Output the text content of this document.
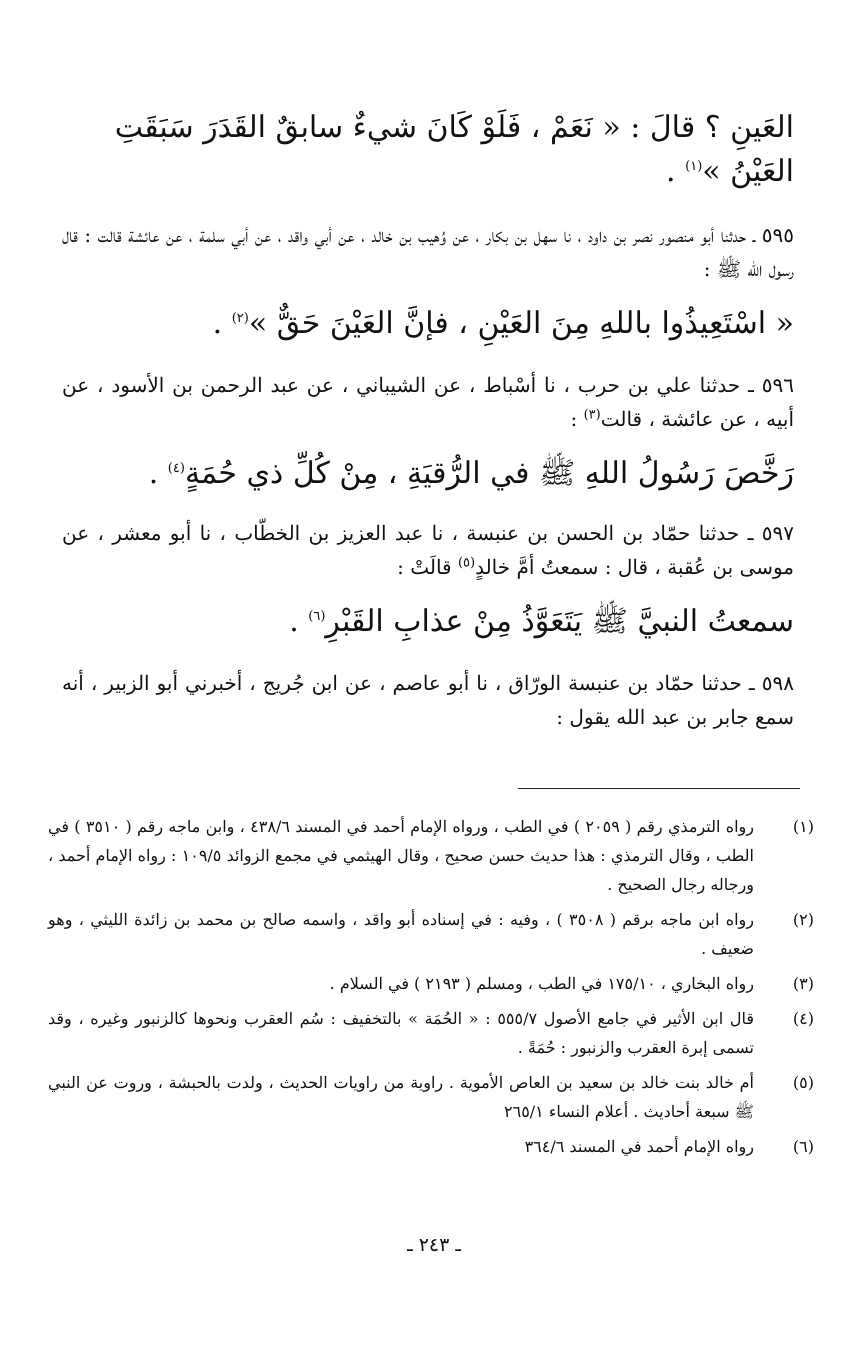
العَينِ ؟ قالَ : « نَعَمْ ، فَلَوْ كَانَ شيءٌ سابقٌ القَدَرَ سَبَقَتِ العَيْنُ »$^{(١)}$ .

٥٩٥ ـ حدثنا أبو منصور نصر بن داود ، نا سهل بن بكار ، عن وُهيب بن خالد ، عن أبي واقد ، عن أبي سلمة ، عن عائشة قالت : قال رسول الله ﷺ :

« اسْتَعِيذُوا باللهِ مِنَ العَيْنِ ، فإنَّ العَيْنَ حَقٌّ »$^{(٢)}$ .

٥٩٦ ـ حدثنا علي بن حرب ، نا أسْباط ، عن الشيباني ، عن عبد الرحمن بن الأسود ، عن أبيه ، عن عائشة ، قالت$^{(٣)}$ :

رَخَّصَ رَسُولُ اللهِ ﷺ في الرُّقيَةِ ، مِنْ كُلِّ ذي حُمَةٍ$^{(٤)}$ .

٥٩٧ ـ حدثنا حمّاد بن الحسن بن عنبسة ، نا عبد العزيز بن الخطّاب ، نا أبو معشر ، عن موسى بن عُقبة ، قال : سمعتُ أمَّ خالدٍ$^{(٥)}$ قالَتْ :

سمعتُ النبيَّ ﷺ يَتَعَوَّذُ مِنْ عذابِ القَبْرِ$^{(٦)}$ .

٥٩٨ ـ حدثنا حمّاد بن عنبسة الورّاق ، نا أبو عاصم ، عن ابن جُريج ، أخبرني أبو الزبير ، أنه سمع جابر بن عبد الله يقول :

(١)
رواه الترمذي رقم ( ٢٠٥٩ ) في الطب ، ورواه الإمام أحمد في المسند ٤٣٨/٦ ، وابن ماجه رقم ( ٣٥١٠ ) في الطب ، وقال الترمذي : هذا حديث حسن صحيح ، وقال الهيثمي في مجمع الزوائد ١٠٩/٥ : رواه الإمام أحمد ، ورجاله رجال الصحيح .
(٢)
رواه ابن ماجه برقم ( ٣٥٠٨ ) ، وفيه : في إسناده أبو واقد ، واسمه صالح بن محمد بن زائدة الليثي ، وهو ضعيف .
(٣)
رواه البخاري ، ١٧٥/١٠ في الطب ، ومسلم ( ٢١٩٣ ) في السلام .
(٤)
قال ابن الأثير في جامع الأصول ٥٥٥/٧ : « الحُمَة » بالتخفيف : سُم العقرب ونحوها كالزنبور وغيره ، وقد تسمى إبرة العقرب والزنبور : حُمَةً .
(٥)
أم خالد بنت خالد بن سعيد بن العاص الأموية . راوية من راويات الحديث ، ولدت بالحبشة ، وروت عن النبي ﷺ سبعة أحاديث . أعلام النساء ٢٦٥/١
(٦)
رواه الإمام أحمد في المسند ٣٦٤/٦
ـ ٢٤٣ ـ
